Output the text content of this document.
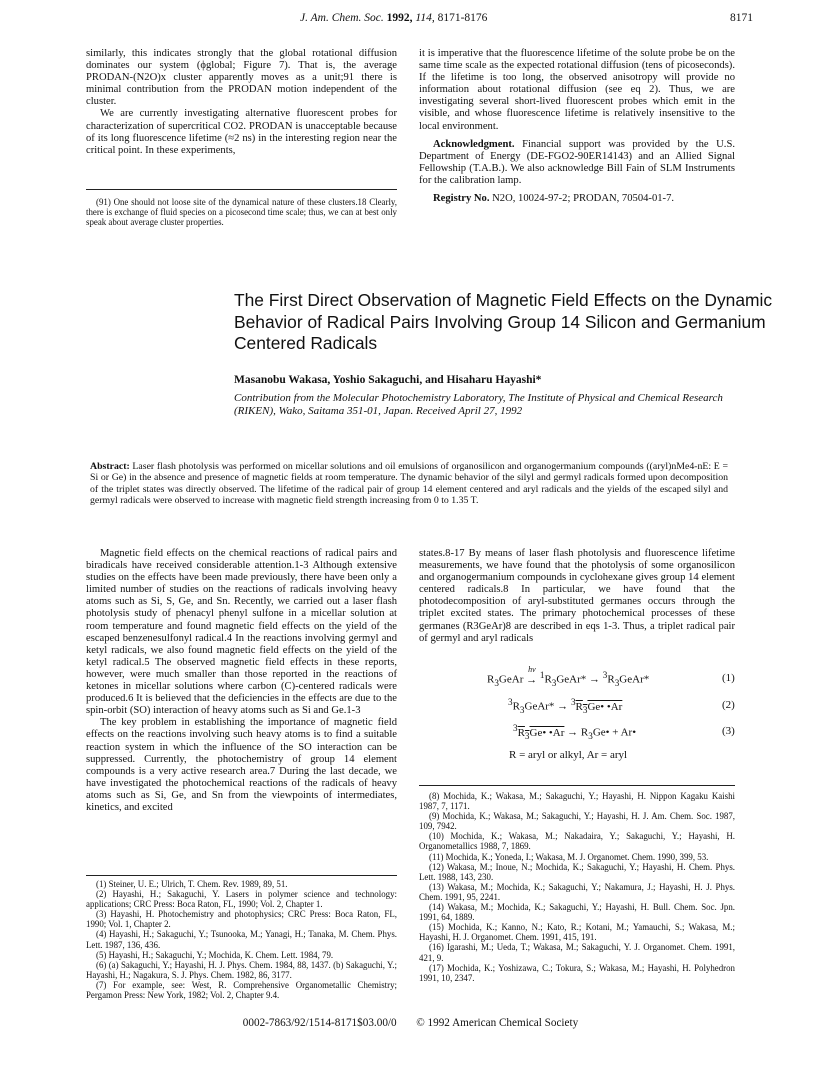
J. Am. Chem. Soc. 1992, 114, 8171-8176	8171

similarly, this indicates strongly that the global rotational diffusion dominates our system (ϕglobal; Figure 7). That is, the average PRODAN-(N2O)x cluster apparently moves as a unit;91 there is minimal contribution from the PRODAN motion independent of the cluster.

We are currently investigating alternative fluorescent probes for characterization of supercritical CO2. PRODAN is unacceptable because of its long fluorescence lifetime (≈2 ns) in the interesting region near the critical point. In these experiments,

(91) One should not loose site of the dynamical nature of these clusters.18 Clearly, there is exchange of fluid species on a picosecond time scale; thus, we can at best only speak about average cluster properties.

it is imperative that the fluorescence lifetime of the solute probe be on the same time scale as the expected rotational diffusion (tens of picoseconds). If the lifetime is too long, the observed anisotropy will provide no information about rotational diffusion (see eq 2). Thus, we are investigating several short-lived fluorescent probes which emit in the visible, and whose fluorescence lifetime is relatively insensitive to the local environment.

Acknowledgment. Financial support was provided by the U.S. Department of Energy (DE-FGO2-90ER14143) and an Allied Signal Fellowship (T.A.B.). We also acknowledge Bill Fain of SLM Instruments for the calibration lamp.

Registry No. N2O, 10024-97-2; PRODAN, 70504-01-7.

The First Direct Observation of Magnetic Field Effects on the Dynamic Behavior of Radical Pairs Involving Group 14 Silicon and Germanium Centered Radicals
Masanobu Wakasa, Yoshio Sakaguchi, and Hisaharu Hayashi*
Contribution from the Molecular Photochemistry Laboratory, The Institute of Physical and Chemical Research (RIKEN), Wako, Saitama 351-01, Japan. Received April 27, 1992
Abstract: Laser flash photolysis was performed on micellar solutions and oil emulsions of organosilicon and organogermanium compounds ((aryl)nMe4-nE: E = Si or Ge) in the absence and presence of magnetic fields at room temperature. The dynamic behavior of the silyl and germyl radicals formed upon decomposition of the triplet states was directly observed. The lifetime of the radical pair of group 14 element centered and aryl radicals and the yields of the escaped silyl and germyl radicals were observed to increase with magnetic field strength increasing from 0 to 1.35 T.

Magnetic field effects on the chemical reactions of radical pairs and biradicals have received considerable attention.1-3 Although extensive studies on the effects have been made previously, there have been only a limited number of studies on the reactions of radicals involving heavy atoms such as Si, S, Ge, and Sn. Recently, we carried out a laser flash photolysis study of phenacyl phenyl sulfone in a micellar solution at room temperature and found magnetic field effects on the yield of the escaped benzenesulfonyl radical.4 In the reactions involving germyl and ketyl radicals, we also found magnetic field effects on the yield of the ketyl radical.5 The observed magnetic field effects in these reports, however, were much smaller than those reported in the reactions of ketones in micellar solutions where carbon (C)-centered radicals were produced.6 It is believed that the deficiencies in the effects are due to the spin-orbit (SO) interaction of heavy atoms such as Si and Ge.1-3

The key problem in establishing the importance of magnetic field effects on the reactions involving such heavy atoms is to find a suitable reaction system in which the influence of the SO interaction can be suppressed. Currently, the photochemistry of group 14 element compounds is a very active research area.7 During the last decade, we have investigated the photochemical reactions of the radicals of heavy atoms such as Si, Ge, and Sn from the viewpoints of intermediates, kinetics, and excited

states.8-17 By means of laser flash photolysis and fluorescence lifetime measurements, we have found that the photolysis of some organosilicon and organogermanium compounds in cyclohexane gives group 14 element centered radicals.8 In particular, we have found that the photodecomposition of aryl-substituted germanes occurs through the triplet excited states. The primary photochemical processes of these germanes (R3GeAr)8 are described in eqs 1-3. Thus, a triplet radical pair of germyl and aryl radicals

$R_3GeAr$ →
hν
$^1R_3GeAr*$ → $^3R_3GeAr*$	(1)
$^3R_3GeAr*$ → $^3R_3Ge•$ •Ar	(2)
$^3R_3Ge•$ •Ar → $R_3Ge•$ + Ar•	(3)
R = aryl or alkyl, Ar = aryl

(1) Steiner, U. E.; Ulrich, T. Chem. Rev. 1989, 89, 51.

(2) Hayashi, H.; Sakaguchi, Y. Lasers in polymer science and technology: applications; CRC Press: Boca Raton, FL, 1990; Vol. 2, Chapter 1.

(3) Hayashi, H. Photochemistry and photophysics; CRC Press: Boca Raton, FL, 1990; Vol. 1, Chapter 2.

(4) Hayashi, H.; Sakaguchi, Y.; Tsunooka, M.; Yanagi, H.; Tanaka, M. Chem. Phys. Lett. 1987, 136, 436.

(5) Hayashi, H.; Sakaguchi, Y.; Mochida, K. Chem. Lett. 1984, 79.

(6) (a) Sakaguchi, Y.; Hayashi, H. J. Phys. Chem. 1984, 88, 1437. (b) Sakaguchi, Y.; Hayashi, H.; Nagakura, S. J. Phys. Chem. 1982, 86, 3177.

(7) For example, see: West, R. Comprehensive Organometallic Chemistry; Pergamon Press: New York, 1982; Vol. 2, Chapter 9.4.

(8) Mochida, K.; Wakasa, M.; Sakaguchi, Y.; Hayashi, H. Nippon Kagaku Kaishi 1987, 7, 1171.

(9) Mochida, K.; Wakasa, M.; Sakaguchi, Y.; Hayashi, H. J. Am. Chem. Soc. 1987, 109, 7942.

(10) Mochida, K.; Wakasa, M.; Nakadaira, Y.; Sakaguchi, Y.; Hayashi, H. Organometallics 1988, 7, 1869.

(11) Mochida, K.; Yoneda, I.; Wakasa, M. J. Organomet. Chem. 1990, 399, 53.

(12) Wakasa, M.; Inoue, N.; Mochida, K.; Sakaguchi, Y.; Hayashi, H. Chem. Phys. Lett. 1988, 143, 230.

(13) Wakasa, M.; Mochida, K.; Sakaguchi, Y.; Nakamura, J.; Hayashi, H. J. Phys. Chem. 1991, 95, 2241.

(14) Wakasa, M.; Mochida, K.; Sakaguchi, Y.; Hayashi, H. Bull. Chem. Soc. Jpn. 1991, 64, 1889.

(15) Mochida, K.; Kanno, N.; Kato, R.; Kotani, M.; Yamauchi, S.; Wakasa, M.; Hayashi, H. J. Organomet. Chem. 1991, 415, 191.

(16) Igarashi, M.; Ueda, T.; Wakasa, M.; Sakaguchi, Y. J. Organomet. Chem. 1991, 421, 9.

(17) Mochida, K.; Yoshizawa, C.; Tokura, S.; Wakasa, M.; Hayashi, H. Polyhedron 1991, 10, 2347.

0002-7863/92/1514-8171$03.00/0 © 1992 American Chemical Society
